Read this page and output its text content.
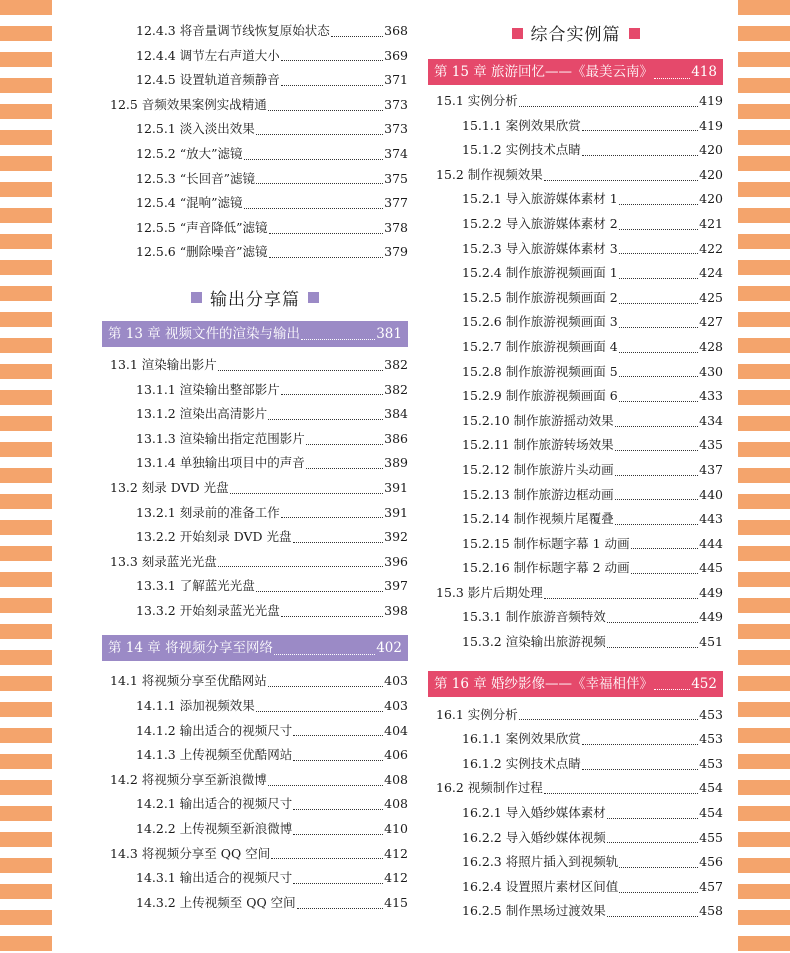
12.4.3 将音量调节线恢复原始状态	368
12.4.4 调节左右声道大小	369
12.4.5 设置轨道音频静音	371
12.5 音频效果案例实战精通	373
12.5.1 淡入淡出效果	373
12.5.2 “放大”滤镜	374
12.5.3 “长回音”滤镜	375
12.5.4 “混响”滤镜	377
12.5.5 “声音降低”滤镜	378
12.5.6 “删除噪音”滤镜	379
输出分享篇
第 13 章 视频文件的渲染与输出	381
13.1 渲染输出影片	382
13.1.1 渲染输出整部影片	382
13.1.2 渲染出高清影片	384
13.1.3 渲染输出指定范围影片	386
13.1.4 单独输出项目中的声音	389
13.2 刻录 DVD 光盘	391
13.2.1 刻录前的准备工作	391
13.2.2 开始刻录 DVD 光盘	392
13.3 刻录蓝光光盘	396
13.3.1 了解蓝光光盘	397
13.3.2 开始刻录蓝光光盘	398
第 14 章 将视频分享至网络	402
14.1 将视频分享至优酷网站	403
14.1.1 添加视频效果	403
14.1.2 输出适合的视频尺寸	404
14.1.3 上传视频至优酷网站	406
14.2 将视频分享至新浪微博	408
14.2.1 输出适合的视频尺寸	408
14.2.2 上传视频至新浪微博	410
14.3 将视频分享至 QQ 空间	412
14.3.1 输出适合的视频尺寸	412
14.3.2 上传视频至 QQ 空间	415
综合实例篇
第 15 章 旅游回忆——《最美云南》	418
15.1 实例分析	419
15.1.1 案例效果欣赏	419
15.1.2 实例技术点睛	420
15.2 制作视频效果	420
15.2.1 导入旅游媒体素材 1	420
15.2.2 导入旅游媒体素材 2	421
15.2.3 导入旅游媒体素材 3	422
15.2.4 制作旅游视频画面 1	424
15.2.5 制作旅游视频画面 2	425
15.2.6 制作旅游视频画面 3	427
15.2.7 制作旅游视频画面 4	428
15.2.8 制作旅游视频画面 5	430
15.2.9 制作旅游视频画面 6	433
15.2.10 制作旅游摇动效果	434
15.2.11 制作旅游转场效果	435
15.2.12 制作旅游片头动画	437
15.2.13 制作旅游边框动画	440
15.2.14 制作视频片尾覆叠	443
15.2.15 制作标题字幕 1 动画	444
15.2.16 制作标题字幕 2 动画	445
15.3 影片后期处理	449
15.3.1 制作旅游音频特效	449
15.3.2 渲染输出旅游视频	451
第 16 章 婚纱影像——《幸福相伴》	452
16.1 实例分析	453
16.1.1 案例效果欣赏	453
16.1.2 实例技术点睛	453
16.2 视频制作过程	454
16.2.1 导入婚纱媒体素材	454
16.2.2 导入婚纱媒体视频	455
16.2.3 将照片插入到视频轨	456
16.2.4 设置照片素材区间值	457
16.2.5 制作黑场过渡效果	458
